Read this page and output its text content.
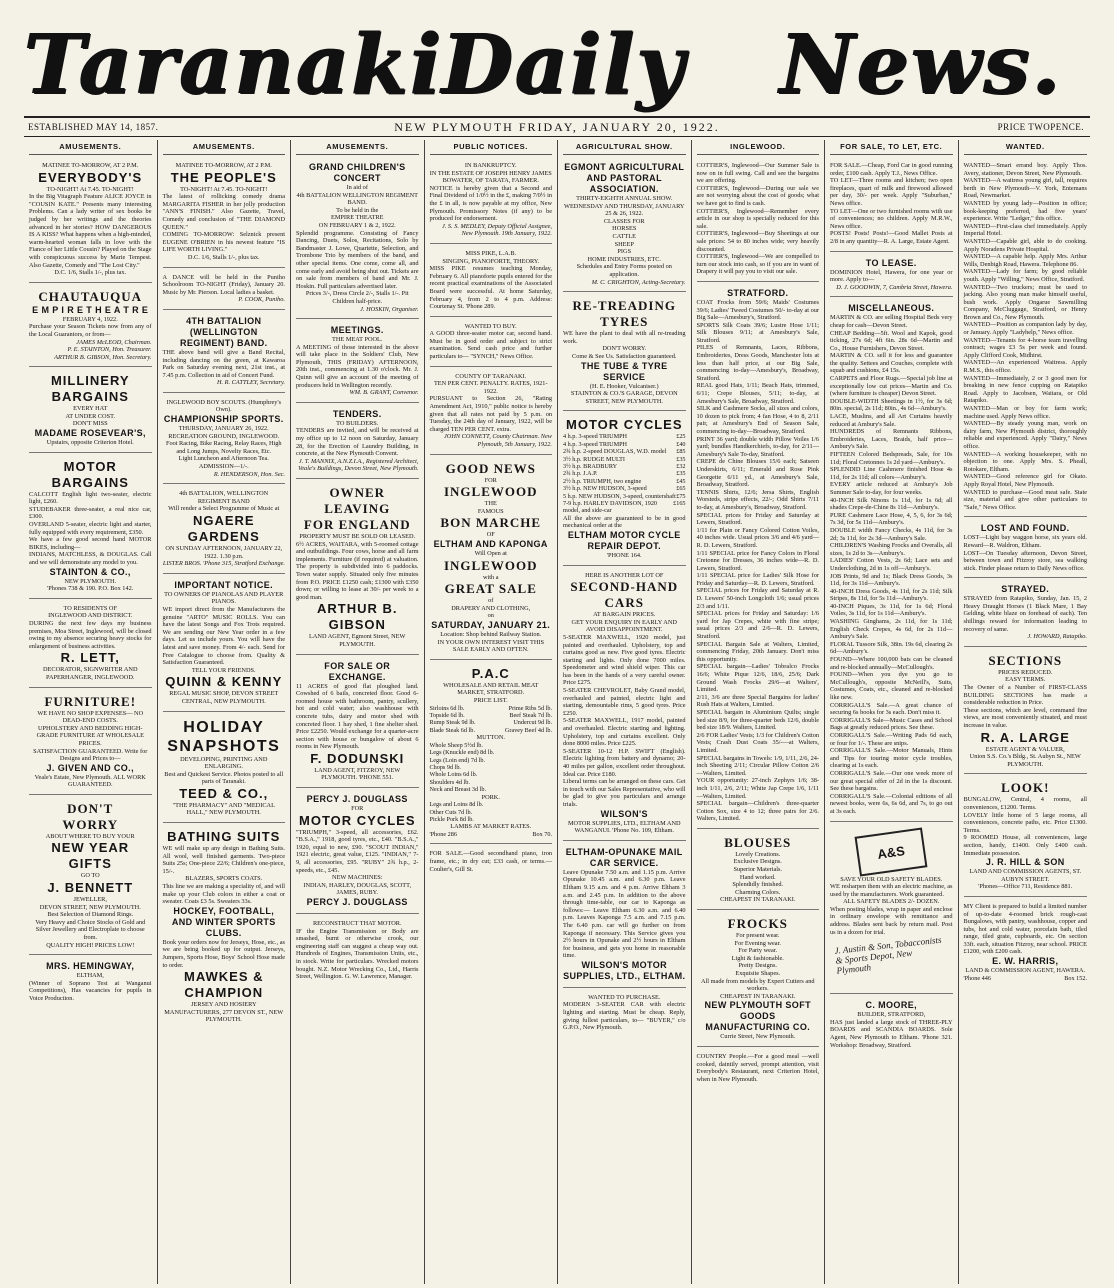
Taranaki
Daily News.
ESTABLISHED MAY 14, 1857.	NEW PLYMOUTH FRIDAY, JANUARY 20, 1922.	PRICE TWOPENCE.
AMUSEMENTS.
MATINEE TO-MORROW, AT 2 P.M.
EVERYBODY'S
TO-NIGHT! At 7.45. TO-NIGHT!
In the Big Vitagraph Feature ALICE JOYCE in "COUSIN KATE." Presents many interesting Problems. Can a lady writer of sex books be judged by her writings and the theories advanced in her stories? HOW DANGEROUS IS A KISS? What happens when a high-minded, warm-hearted woman falls in love with the Fiance of her Little Cousin? Played on the Stage with conspicuous success by Marie Tempest. Also Gazette, Comedy and "The Lost City."
D.C. 1/6, Stalls 1/-, plus tax.
CHAUTAUQUA
E M P I R E T H E A T R E
FEBRUARY 4, 1922.
Purchase your Season Tickets now from any of the Local Guarantors, or from—
JAMES McLEOD, Chairman.
P. E. STAINTON, Hon. Treasurer.
ARTHUR B. GIBSON, Hon. Secretary.
MILLINERY
BARGAINS
EVERY HAT
AT UNDER COST.
DON'T MISS
MADAME ROSEVEAR'S,
Upstairs, opposite Criterion Hotel.
MOTOR BARGAINS
CALCOTT English light two-seater, electric light, £260.
STUDEBAKER three-seater, a real nice car, £300.
OVERLAND 5-seater, electric light and starter, fully equipped with every requirement, £350.
We have a few good second hand MOTOR BIKES, including—
INDIANS, MATCHLESS, & DOUGLAS. Call and we will demonstrate any model to you.
STAINTON & CO.,
NEW PLYMOUTH.
'Phones 738 & 190. P.O. Box 142.
TO RESIDENTS OF
INGLEWOOD AND DISTRICT.
DURING the next few days my business premises, Moa Street, Inglewood, will be closed owing to my absence securing heavy stocks for enlargement of business activities.
R. LETT,
DECORATOR, SIGNWRITER AND PAPERHANGER, INGLEWOOD.
FURNITURE!
WE HAVE NO SHOP EXPENSES— NO DEAD-END COSTS.
UPHOLSTERY AND BEDDING HIGH-GRADE FURNITURE AT WHOLESALE PRICES.
SATISFACTION GUARANTEED. Write for Designs and Prices to—
J. GIVEN AND CO.,
Veale's Estate, New Plymouth. ALL WORK GUARANTEED.
DON'T
WORRY
ABOUT WHERE TO BUY YOUR
NEW YEAR GIFTS
GO TO
J. BENNETT
JEWELLER,
DEVON STREET, NEW PLYMOUTH.
Best Selection of Diamond Rings.
Very Heavy and Choice Stocks of Gold and Silver Jewellery and Electroplate to choose from.
QUALITY HIGH! PRICES LOW!
MRS. HEMINGWAY,
ELTHAM,
(Winner of Soprano Test at Wanganui Competitions), Has vacancies for pupils in Voice Production.
AMUSEMENTS.
MATINEE TO-MORROW, AT 2 P.M.
THE PEOPLE'S
TO-NIGHT! At 7.45. TO-NIGHT!
The latest of rollicking comedy drama MARGARITA FISHER in her jolly production "ANN'S FINISH." Also Gazette, Travel, Comedy and conclusion of "THE DIAMOND QUEEN."
COMING TO-MORROW: Selznick present EUGENE O'BRIEN in his newest feature "IS LIFE WORTH LIVING."
D.C. 1/6, Stalls 1/-, plus tax.
A DANCE will be held in the Puniho Schoolroom TO-NIGHT (Friday), January 20. Music by Mr. Pierson. Local ladies a basket.
P. COOK, Puniho.
4TH BATTALION (WELLINGTON REGIMENT) BAND.
THE above band will give a Band Recital, including dancing on the green, at Kawaroa Park on Saturday evening next, 21st inst., at 7.45 p.m. Collection in aid of Concert Fund.
H. R. CATTLEY, Secretary.
INGLEWOOD BOY SCOUTS. (Humphrey's Own).
CHAMPIONSHIP SPORTS.
THURSDAY, JANUARY 26, 1922.
RECREATION GROUND, INGLEWOOD.
Foot Racing, Bike Racing, Relay Races, High and Long Jumps, Novelty Races, Etc.
Light Luncheon and Afternoon Tea. ADMISSION—1/-.
R. HENDERSON, Hon. Sec.
4th BATTALION, WELLINGTON REGIMENT BAND
Will render a Select Programme of Music at
NGAERE GARDENS
ON SUNDAY AFTERNOON, JANUARY 22, 1922. 1.30 p.m.
LISTER BROS. 'Phone 315, Stratford Exchange.
IMPORTANT NOTICE.
TO OWNERS OF PIANOLAS AND PLAYER PIANOS.
WE import direct from the Manufacturers the genuine "ARTO" MUSIC ROLLS. You can have the latest Songs and Fox Trots required. We are sending our New Year order in a few days. Let us include yours. You will have the latest and save money. From 4/- each. Send for Free Catalogue to choose from. Quality & Satisfaction Guaranteed.
TELL YOUR FRIENDS.
QUINN & KENNY
REGAL MUSIC SHOP, DEVON STREET CENTRAL, NEW PLYMOUTH.
HOLIDAY
SNAPSHOTS
DEVELOPING, PRINTING AND ENLARGING.
Best and Quickest Service. Photos posted to all parts of Taranaki.
TEED & CO.,
"THE PHARMACY" AND "MEDICAL HALL," NEW PLYMOUTH.
BATHING SUITS
WE will make up any design in Bathing Suits. All wool, well finished garments. Two-piece Suits 25s; One-piece 22/6; Children's one-piece, 15/-.
BLAZERS, SPORTS COATS.
This line we are making a speciality of, and will make up your Club colors in either a coat or sweater. Coats £3 5s. Sweaters 33s.
HOCKEY, FOOTBALL, AND WINTER SPORTS CLUBS.
Book your orders now for Jerseys, Hose, etc., as we are being booked up for output. Jerseys, Jumpers, Sports Hose, Boys' School Hose made to order.
MAWKES &
CHAMPION
JERSEY AND HOSIERY MANUFACTURERS, 277 DEVON ST., NEW PLYMOUTH.
AMUSEMENTS.
GRAND CHILDREN'S CONCERT
In aid of
4th BATTALION WELLINGTON REGIMENT BAND.
To be held in the
EMPIRE THEATRE
ON FEBRUARY 1 & 2, 1922.
Splendid programme. Consisting of Fancy Dancing, Duets, Solos, Recitations, Solo by Bandmaster J. Lowe, Quartette, Selection, and Trombone Trio by members of the band, and other special items. One come, come all, and come early and avoid being shut out. Tickets are on sale from members of band and Mr. J. Hoskin. Full particulars advertised later.
Prices 3/-, Dress Circle 2/-, Stalls 1/-. Pit Children half-price.
J. HOSKIN, Organiser.
MEETINGS.
THE MEAT POOL.
A MEETING of those interested in the above will take place in the Soldiers' Club, New Plymouth, THIS (FRIDAY) AFTERNOON, 20th inst., commencing at 1.30 o'clock. Mr. J. Quinn will give an account of the meeting of producers held in Wellington recently.
WM. B. GRANT, Convenor.
TENDERS.
TO BUILDERS.
TENDERS are invited, and will be received at my office up to 12 noon on Saturday, January 28, for the Erection of Laundry Building, in concrete, at the New Plymouth Convent.
J. T. MANNIX, A.N.Z.I.A., Registered Architect, Veale's Buildings, Devon Street, New Plymouth.
OWNER LEAVING
FOR ENGLAND
PROPERTY MUST BE SOLD OR LEASED.
6½ ACRES, WAITARA, with 5-roomed cottage and outbuildings. Four cows, horse and all farm implements. Furniture (if required) at valuation. The property is subdivided into 6 paddocks. Town water supply. Situated only five minutes from P.O. PRICE £1250 cash; £1300 with £350 down; or willing to lease at 30/- per week to a good man.
ARTHUR B. GIBSON
LAND AGENT, Egmont Street, NEW PLYMOUTH.
FOR SALE OR EXCHANGE.
11 ACRES of good flat ploughed land. Cowshed of 6 bails, concreted floor. Good 6-roomed house with bathroom, pantry, scullery, hot and cold water; also washhouse with concrete tubs, dairy and motor shed with concreted floor. 1 hay shed, 1 fine shelter shed. Price £2250. Would exchange for a quarter-acre section with house or bungalow of about 6 rooms in New Plymouth.
F. DODUNSKI
LAND AGENT, FITZROY, NEW PLYMOUTH. 'PHONE 551.
PERCY J. DOUGLASS
FOR
MOTOR CYCLES
"TRIUMPH," 3-speed, all accessories, £62. "B.S.A.," 1918, good tyres, etc., £40. "B.S.A.," 1920, equal to new, £90. "SCOUT INDIAN," 1921 electric, great value, £125. "INDIAN," 7-9, all accessories, £95. "RUBY" 2¾ h.p., 2-speeds, etc., £45.
NEW MACHINES:
INDIAN, HARLEY, DOUGLAS, SCOTT, JAMES, RUBY.
PERCY J. DOUGLASS
RECONSTRUCT THAT MOTOR.
IF the Engine Transmission or Body are smashed, burnt or otherwise crook, our engineering staff can suggest a cheap way out. Hundreds of Engines, Transmission Units, etc., in stock. Write for particulars. Wrecked motors bought. N.Z. Motor Wrecking Co., Ltd., Harris Street, Wellington. G. W. Lawrence, Manager.
PUBLIC NOTICES.
IN BANKRUPTCY.
IN THE ESTATE OF JOSEPH HENRY JAMES BOWATER, OF TARATA, FARMER.
NOTICE is hereby given that a Second and Final Dividend of 1/0½ in the £, making 7/0½ in the £ in all, is now payable at my office, New Plymouth. Promissory Notes (if any) to be produced for endorsement.
J. S. S. MEDLEY, Deputy Official Assignee, New Plymouth. 19th January, 1922.
MISS PIKE, L.A.B.
SINGING, PIANOFORTE, THEORY.
MISS PIKE resumes teaching Monday, February 6. All pianoforte pupils entered for the recent practical examinations of the Associated Board were successful. At home Saturday, February 4, from 2 to 4 p.m. Address: Courtenay St. 'Phone 289.
WANTED TO BUY.
A GOOD three-seater motor car, second hand. Must be in good order and subject to strict examination. Send cash price and further particulars to— "SYNCH," News Office.
COUNTY OF TARANAKI.
TEN PER CENT. PENALTY. RATES, 1921-1922.
PURSUANT to Section 26, "Rating Amendment Act, 1910," public notice is hereby given that all rates not paid by 5 p.m. on Tuesday, the 24th day of January, 1922, will be charged TEN PER CENT. extra.
JOHN CONNETT, County Chairman. New Plymouth, 5th January, 1922.
GOOD NEWS
FOR
INGLEWOOD
THE
FAMOUS
BON MARCHE
OF
ELTHAM AND KAPONGA
Will Open at
INGLEWOOD
with a
GREAT SALE
of
DRAPERY AND CLOTHING,
on
SATURDAY, JANUARY 21.
Location: Shop behind Railway Station.
IN YOUR OWN INTEREST VISIT THIS SALE EARLY AND OFTEN.
P.A.C
WHOLESALE AND RETAIL MEAT MARKET, STRATFORD.
PRICE LIST.
Sirloins 6d lb.	Prime Ribs 5d lb.
Topside 6d lb.	Beef Steak 7d lb.
Rump Steak 9d lb.	Undercut 9d lb.
Blade Steak 6d lb.	Gravey Beef 4d lb.
MUTTON.
Whole Sheep 5½d lb.
Legs (Knuckle end) 8d lb.
Legs (Loin end) 7d lb.
Chops 9d lb.
Whole Loins 6d lb.
Shoulders 4d lb.
Neck and Breast 3d lb.
PORK.
Legs and Loins 8d lb.
Other Cuts 7d lb.
Pickle Pork 8d lb.
LAMBS AT MARKET RATES.
'Phone 286	Box 70.
FOR SALE.—Good secondhand piano, iron frame, etc.; in dry cut; £33 cash, or terms.—Coulter's, Gill St.
AGRICULTURAL SHOW.
EGMONT AGRICULTURAL AND PASTORAL ASSOCIATION.
THIRTY-EIGHTH ANNUAL SHOW.
WEDNESDAY AND THURSDAY, JANUARY 25 & 26, 1922.
CLASSES FOR
HORSES
CATTLE
SHEEP
PIGS
HOME INDUSTRIES, ETC.
Schedules and Entry Forms posted on application.
M. C. CRIGHTON, Acting-Secretary.
RE-TREADING
TYRES
WE have the plant to deal with all re-treading work.
DON'T WORRY.
Come & See Us. Satisfaction guaranteed.
THE TUBE & TYRE SERVICE
(H. E. Hooker, Vulcaniser.)
STAINTON & CO.'S GARAGE, DEVON STREET, NEW PLYMOUTH.
MOTOR CYCLES
4 h.p. 3-speed TRIUMPH	£25
4 h.p. 3-speed TRIUMPH	£40
2¾ h.p. 2-speed DOUGLAS, W.D. model £85
3½ h.p. RUDGE MULTI	£35
3½ h.p. BRADBURY	£32
2¾ h.p. J.A.P.	£35
2½ h.p. TRIUMPH, two engine	£45
3½ h.p. NEW HUDSON, 3-speed	£65
5 h.p. NEW HUDSON, 3-speed, countershaft £75
7-9 h.p. HARLEY DAVIDSON, 1920 model, and side-car
£165
All the above are guaranteed to be in good mechanical order at the
ELTHAM MOTOR CYCLE REPAIR DEPOT.
'PHONE 164.
HERE IS ANOTHER LOT OF
SECOND-HAND
CARS
AT BARGAIN PRICES.
GET YOUR ENQUIRY IN EARLY AND AVOID DISAPPOINTMENT.
5-SEATER MAXWELL, 1920 model, just painted and overhauled. Upholstery, top and curtains good as new. Five good tyres. Electric starting and lights. Only done 7000 miles. Speedometer and wind shield wiper. This car has been in the hands of a very careful owner. Price £275.
5-SEATER CHEVROLET, Baby Grand model, overhauled and painted, electric light and starting, demountable rims, 5 good tyres. Price £250.
5-SEATER MAXWELL, 1917 model, painted and overhauled. Electric starting and lighting. Upholstery, top and curtains excellent. Only done 8000 miles. Price £225.
5-SEATER 10-12 H.P. SWIFT (English). Electric lighting from battery and dynamo; 20-40 miles per gallon, excellent order throughout. Ideal car. Price £180.
Liberal terms can be arranged on these cars. Get in touch with our Sales Representative, who will be glad to give you particulars and arrange trials.
WILSON'S
MOTOR SUPPLIES, LTD., ELTHAM AND WANGANUI. 'Phone No. 109, Eltham.
ELTHAM-OPUNAKE MAIL CAR SERVICE.
Leave Opunake 7.50 a.m. and 1.15 p.m. Arrive Opunake 10.45 a.m. and 6.30 p.m. Leave Eltham 9.15 a.m. and 4 p.m. Arrive Eltham 3 a.m. and 2.45 p.m. In addition to the above through time-table, our car to Kaponga as follows:— Leave Eltham 6.30 a.m. and 6.40 p.m. Leaves Kaponga 7.5 a.m. and 7.15 p.m. The 6.40 p.m. car will go further on from Kaponga if necessary. This Service gives you 2½ hours in Opunake and 2½ hours in Eltham for business, and gets you home in reasonable time.
WILSON'S MOTOR SUPPLIES, LTD., ELTHAM.
WANTED TO PURCHASE.
MODERN 3-SEATER CAR with electric lighting and starting. Must be cheap. Reply, giving fullest particulars, to— "BUYER," c/o G.P.O., New Plymouth.
INGLEWOOD.
COTTIER'S, Inglewood—Our Summer Sale is now on in full swing. Call and see the bargains we are offering.
COTTIER'S, Inglewood—During our sale we are not worrying about the cost of goods; what we have got to find is cash.
COTTIER'S, Inglewood—Remember every article in our shop is specially reduced for this sale.
COTTIER'S, Inglewood—Buy Sheetings at our sale prices: 54 to 80 inches wide; very heavily discounted.
COTTIER'S, Inglewood—We are compelled to turn our stock into cash, so if you are in want of Drapery it will pay you to visit our sale.
STRATFORD.
COAT Frocks from 59/6; Maids' Costumes 39/6; Ladies' Tweed Costumes 50/- to-day at our Big Sale—Amesbury's, Stratford.
SPORTS Silk Coats 39/6; Lustre Hose 1/11; Silk Blouses 9/11; at Amesbury's Sale, Stratford.
PILES of Remnants, Laces, Ribbons, Embroideries, Dress Goods, Manchester lots at less than half price, at our Big Sale, commencing to-day—Amesbury's, Broadway, Stratford.
REAL good Hats, 1/11; Beach Hats, trimmed, 6/11; Crepe Blouses, 5/11; to-day, at Amesbury's Sale, Broadway, Stratford.
SILK and Cashmere Socks, all sizes and colors, 10 dozen to pick from; 4 fan Hose, 4 to 8, 2/11 pair, at Amesbury's End of Season Sale, commencing to-day—Broadway, Stratford.
PRINT 36 yard; double width Pillow Voiles 1/6 yard; bundles Handkerchiefs, to-day, for 2/11—Amesbury's Sale To-day, Stratford.
CREPE de Chine Blouses 15/6 each; Satseen Underskirts, 6/11; Emerald and Rose Pink Georgette 6/11 yd., at Amesbury's Sale, Broadway, Stratford.
TENNIS Shirts, 12/6; Jersa Shirts, English Worsteds, stripe effects, 22/-; Odd Shirts 7/11 to-day, at Amesbury's, Broadway, Stratford.
SPECIAL prices for Friday and Saturday at Lewers, Stratford.
1/11 for Plain or Fancy Colored Cotton Voiles, 40 inches wide. Usual prices 3/6 and 4/6 yard—R. D. Lewers, Stratford.
1/11 SPECIAL price for Fancy Colors in Floral Cretonne for Dresses, 36 inches wide—R. D. Lewers, Stratford.
1/11 SPECIAL price for Ladies' Silk Hose for Friday and Saturday—R. D. Lewers, Stratford.
SPECIAL prices for Friday and Saturday at R. D. Lewers' 50-inch Longcloth 1/6; usual prices 2/3 and 1/11.
SPECIAL prices for Friday and Saturday: 1/6 yard for Jap Crepes, white with fine stripe; usual prices 2/3 and 2/6—R. D. Lewers, Stratford.
SPECIAL Bargain Sale at Walters, Limited, commencing Friday, 20th January. Don't miss this opportunity.
SPECIAL bargain—Ladies' Tobralco Frocks 16/6; White Pique 12/6, 18/6, 25/6; Dark Ground Wash Frocks 29/6—at Walters', Limited.
2/11, 3/6 are three Special Bargains for ladies' Rush Hats at Walters, Limited.
SPECIAL bargain in Aluminium Quilts; single bed size 8/9, for three-quarter beds 12/6, double bed size 18/9. Walters, Limited.
2/6 FOR Ladies' Vests; 1/3 for Children's Cotton Vests; Crash Dust Coats 35/-—at Walters, Limited.
SPECIAL bargains in Towels: 1/9, 1/11, 2/6, 24-inch Sheeting 2/11; Circular Pillow Cotton 2/6—Walters, Limited.
YOUR opportunity: 27-inch Zephyrs 1/6; 38-inch 1/11, 2/6, 2/11; White Jap Crepe 1/6, 1/11—Walters, Limited.
SPECIAL bargain—Children's three-quarter Cotton Sox, size 4 to 12; three pairs for 2/6. Walters, Limited.
BLOUSES
Lovely Creations.
Exclusive Designs.
Superior Materials.
Hand worked.
Splendidly finished.
Charming Colors.
CHEAPEST IN TARANAKI.
FROCKS
For present wear.
For Evening wear.
For Party wear.
Light & fashionable.
Pretty Designs.
Exquisite Shapes.
All made from models by Expert Cutters and workers.
CHEAPEST IN TARANAKI.
NEW PLYMOUTH SOFT GOODS MANUFACTURING CO.
Currie Street, New Plymouth.
COUNTRY People.—For a good meal —well cooked, daintily served, prompt attention, visit Everybody's Restaurant, next Criterion Hotel, when in New Plymouth.
FOR SALE, TO LET, ETC.
FOR SALE.—Cheap, Ford Car in good running order, £100 cash. Apply T.J., News Office.
TO LET—Three rooms and kitchen; two open fireplaces, quart of milk and firewood allowed per day, 30/- per week. Apply "Suburban," News office.
TO LET—One or two furnished rooms with use of conveniences; no children. Apply M.R.W., News office.
POSTS! Posts! Posts!—Good Mallet Posts at 2/8 in any quantity—R. A. Large, Estate Agent.
TO LEASE.
DOMINION Hotel, Hawera, for one year or more. Apply to—
D. J. GOODWIN, 7, Cambria Street, Hawera.
MISCELLANEOUS.
MARTIN & CO. are selling Hospital Beds very cheap for cash—Devon Street.
CHEAP Bedding—5ft. Wool and Kapok, good ticking, 27s 6d; 4ft 6in. 28s 6d—Martin and Co., House Furnishers, Devon Street.
MARTIN & CO. sell it for less and guarantee the quality. Settees and Couches, complete with squab and cushions, £4 15s.
CARPETS and Floor Rugs.—Special job line at exceptionally low cut prices—Martin and Co. (where furniture is cheaper) Devon Street.
DOUBLE-WIDTH Sheetings in 1½, for 3s 6d; 80in. special, 2s 11d; 80in., 4s 6d—Ambury's.
LACE, Muslins, and all Art Curtains heavily reduced at Ambury's Sale.
HUNDREDS of Remnants Ribbons, Embroideries, Laces, Braids, half price—Ambury's Sale.
FIFTEEN Colored Bedspreads, Sale, for 10s 11d; Floral Cretonnes 1s 2d yard—Ambury's.
SPLENDID Line Cashmere finished Hose 4s 11d, for 2s 11d; all colors—Ambury's.
EVERY article reduced at Ambury's Job Summer Sale to-day, for four weeks.
40-INCH Silk Ninons 1s 11d, for 1s 6d; all shades Crepe-de-Chine 8s 11d—Ambury's.
PURE Cashmere Lace Hose, 4, 5, 6, for 3s 6d; 7s 3d, for 5s 11d—Ambury's.
DOUBLE width Fancy Checks, 4s 11d, for 3s 2d; 3s 11d, for 2s 3d—Ambury's Sale.
CHILDREN'S Washing Frocks and Overalls, all sizes, 1s 2d to 3s—Ambury's.
LADIES' Cotton Vests, 2s 6d; Lace sets and Underclothing, 2d in 1s off—Ambury's.
JOB Prints, 9d and 1s; Black Dress Goods, 3s 11d, for 3s 11d—Ambury's.
40-INCH Dress Goods, 4s 11d, for 2s 11d; Silk Stripes, 8s 11d, for 5s 11d—Ambury's.
40-INCH Piques, 3s 11d, for 1s 6d; Floral Voiles, 3s 11d, for 1s 11d—Ambury's.
WASHING Ginghams, 2s 11d, for 1s 11d; English Check Crepes, 4s 6d, for 2s 11d—Ambury's Sale.
FLORAL Tussore Silk, 38in. 19s 6d, clearing 2s 6d—Ambury's.
FOUND—Where 100,000 bats can be cleaned and re-blocked annually—McCullough's.
FOUND—When you dye you go to McCullough's, opposite McNeill's, Suits, Costumes, Coats, etc., cleaned and re-blocked like new.
CORRIGALL'S Sale.—A great chance of securing 6s books for 3s each. Don't miss it.
CORRIGALL'S Sale—Music Cases and School Bags at greatly reduced prices. See these.
CORRIGALL'S Sale.—Writing Pads 6d each, or four for 1/-. These are snips.
CORRIGALL'S Sale.—Motor Manuals, Hints and Tips for touring motor cycle troubles, clearing at 1s each.
CORRIGALL'S Sale.—Our one week more of our great special offer of 2d in the 1s discount. See these bargains.
CORRIGALL'S Sale.—Colonial editions of all newest books, were 6s, 6s 6d, and 7s, to go out at 3s each.
A&S
SAVE YOUR OLD SAFETY BLADES.
WE resharpen them with an electric machine, as used by the manufacturers. Work guaranteed.
ALL SAFETY BLADES 2/- DOZEN.
When posting blades, wrap in paper and enclose in ordinary envelope with remittance and address. Blades sent back by return mail. Post us in a dozen for trial.
J. Austin & Son, Tobacconists & Sports Depot, New Plymouth
C. MOORE,
BUILDER, STRATFORD,
HAS just landed a large stock of THREE-PLY BOARDS and SCANDIA BOARDS. Sole Agent, New Plymouth to Eltham. 'Phone 321. Workshop: Broadway, Stratford.
WANTED.
WANTED—Smart errand boy. Apply Thos. Avery, stationer, Devon Street, New Plymouth.
WANTED—A waitress young girl, tall, requires berth in New Plymouth—V. York, Entemans Road, Newmarket.
WANTED by young lady—Position in office; book-keeping preferred, had five years' experience. Write "Ledger," this office.
WANTED—First-class chef immediately. Apply Imperial Hotel.
WANTED—Capable girl, able to do cooking. Apply Noradens Private Hospital.
WANTED—A capable help. Apply Mrs. Arthur Wills, Denbigh Road, Hawera. Telephone 86.
WANTED—Lady for farm; by good reliable youth. Apply "Willing," News Office, Stratford.
WANTED—Two truckers; must be used to jacking. Also young man make himself useful, bush work. Apply Ongarue Sawmilling Company, McCluggage, Stratford, or Henry Brown and Co., New Plymouth.
WANTED—Position as companion lady by day, or January. Apply "Ladyhelp," News office.
WANTED—Tenants for 4-horse team travelling contract; wages £3 5s per week and found. Apply Clifford Cook, Midhirst.
WANTED—An experienced Waitress. Apply R.M.S., this office.
WANTED—Immediately, 2 or 3 good men for breaking in new fence cupping on Ratapiko Road. Apply to Jacobsen, Waitara, or Old Ratapiko.
WANTED—Man or boy for farm work; machine used. Apply News office.
WANTED—By steady young man, work on dairy farm, New Plymouth district, thoroughly reliable and experienced. Apply "Dairy," News office.
WANTED—A working housekeeper, with no objection to one. Apply Mrs. S. Pheall, Rotokare, Eltham.
WANTED—Good reference girl for Okato. Apply Royal Hotel, New Plymouth.
WANTED to purchase—Good meat safe. State size, material and give other particulars to "Safe," News Office.
LOST AND FOUND.
LOST—Light bay waggon horse, six years old. Reward—R. Waldron, Eltham.
LOST—On Tuesday afternoon, Devon Street, between town and Fitzroy store, sea walking stick. Finder please return to Daily News office.
STRAYED.
STRAYED from Ratapiko, Sunday, Jan. 15, 2 Heavy Draught Horses (1 Black Mare, 1 Bay Gelding, white blaze on forehead of each). Ten shillings reward for information leading to recovery of same.
J. HOWARD, Ratapiko.
SECTIONS
PRICES REDUCED.
EASY TERMS.
The Owner of a Number of FIRST-CLASS BUILDING SECTIONS has made a considerable reduction in Price.
These sections, which are level, command fine views, are most conveniently situated, and must increase in value.
R. A. LARGE
ESTATE AGENT & VALUER,
Union S.S. Co.'s Bldg., St. Aubyn St., NEW PLYMOUTH.
LOOK!
BUNGALOW, Central, 4 rooms, all conveniences, £1200. Terms.
LOVELY little home of 5 large rooms, all conveniences, concrete paths, etc. Price £1300. Terms.
9 ROOMED House, all conveniences, large section, handy, £1400. Only £400 cash. Immediate possession.
J. R. HILL & SON
LAND AND COMMISSION AGENTS, ST. AUBYN STREET.
'Phones—Office 711, Residence 881.
MY Client is prepared to build a limited number of up-to-date 4-roomed brick rough-cast Bungalows, with pantry, washhouse, copper and tubs, hot and cold water, porcelain bath, tiled range, tiled grate, cupboards, etc. On section 33ft. each, situation Fitzroy, near school. PRICE £1200, with £200 cash.
E. W. HARRIS,
LAND & COMMISSION AGENT, HAWERA.
'Phone 446	Box 152.
